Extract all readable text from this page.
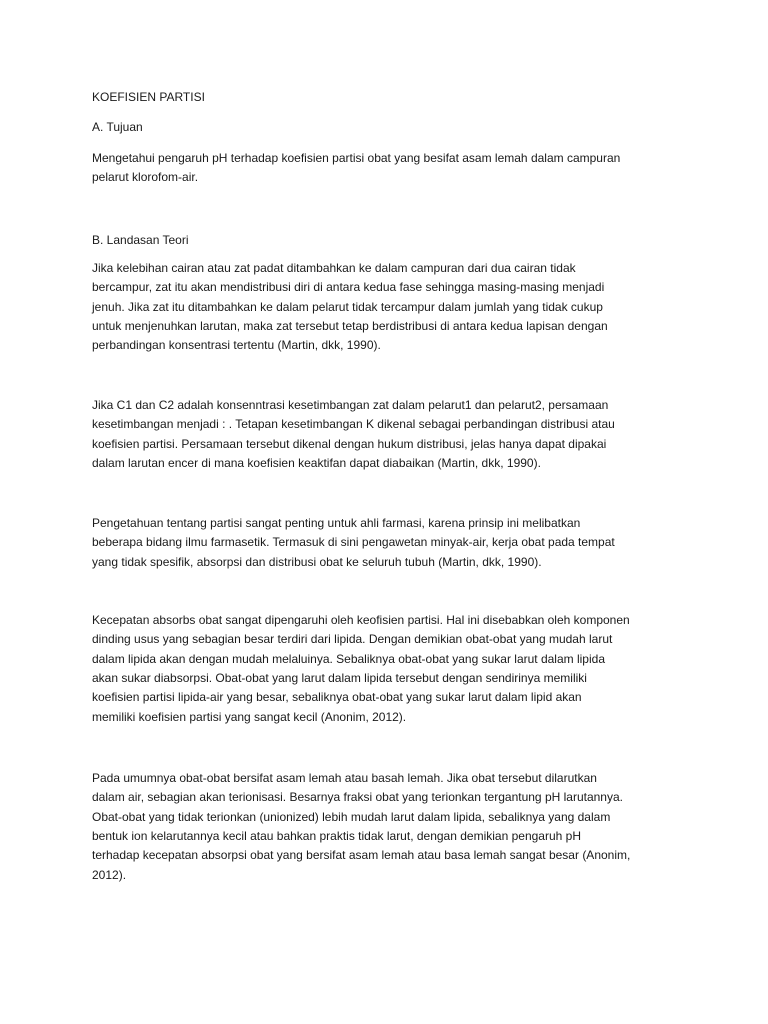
KOEFISIEN PARTISI
A. Tujuan
Mengetahui pengaruh pH terhadap koefisien partisi obat yang besifat asam lemah dalam campuran
pelarut klorofom-air.
B. Landasan Teori
Jika kelebihan cairan atau zat padat ditambahkan ke dalam campuran dari dua cairan tidak
bercampur, zat itu akan mendistribusi diri di antara kedua fase sehingga masing-masing menjadi
jenuh. Jika zat itu ditambahkan ke dalam pelarut tidak tercampur dalam jumlah yang tidak cukup
untuk menjenuhkan larutan, maka zat tersebut tetap berdistribusi di antara kedua lapisan dengan
perbandingan konsentrasi tertentu (Martin, dkk, 1990).
Jika C1 dan C2 adalah konsenntrasi kesetimbangan zat dalam pelarut1 dan pelarut2, persamaan
kesetimbangan menjadi : . Tetapan kesetimbangan K dikenal sebagai perbandingan distribusi atau
koefisien partisi. Persamaan tersebut dikenal dengan hukum distribusi, jelas hanya dapat dipakai
dalam larutan encer di mana koefisien keaktifan dapat diabaikan (Martin, dkk, 1990).
Pengetahuan tentang partisi sangat penting untuk ahli farmasi, karena prinsip ini melibatkan
beberapa bidang ilmu farmasetik. Termasuk di sini pengawetan minyak-air, kerja obat pada tempat
yang tidak spesifik, absorpsi dan distribusi obat ke seluruh tubuh (Martin, dkk, 1990).
Kecepatan absorbs obat sangat dipengaruhi oleh keofisien partisi. Hal ini disebabkan oleh komponen
dinding usus yang sebagian besar terdiri dari lipida. Dengan demikian obat-obat yang mudah larut
dalam lipida akan dengan mudah melaluinya. Sebaliknya obat-obat yang sukar larut dalam lipida
akan sukar diabsorpsi. Obat-obat yang larut dalam lipida tersebut dengan sendirinya memiliki
koefisien partisi lipida-air yang besar, sebaliknya obat-obat yang sukar larut dalam lipid akan
memiliki koefisien partisi yang sangat kecil (Anonim, 2012).
Pada umumnya obat-obat bersifat asam lemah atau basah lemah. Jika obat tersebut dilarutkan
dalam air, sebagian akan terionisasi. Besarnya fraksi obat yang terionkan tergantung pH larutannya.
Obat-obat yang tidak terionkan (unionized) lebih mudah larut dalam lipida, sebaliknya yang dalam
bentuk ion kelarutannya kecil atau bahkan praktis tidak larut, dengan demikian pengaruh pH
terhadap kecepatan absorpsi obat yang bersifat asam lemah atau basa lemah sangat besar (Anonim,
2012).
